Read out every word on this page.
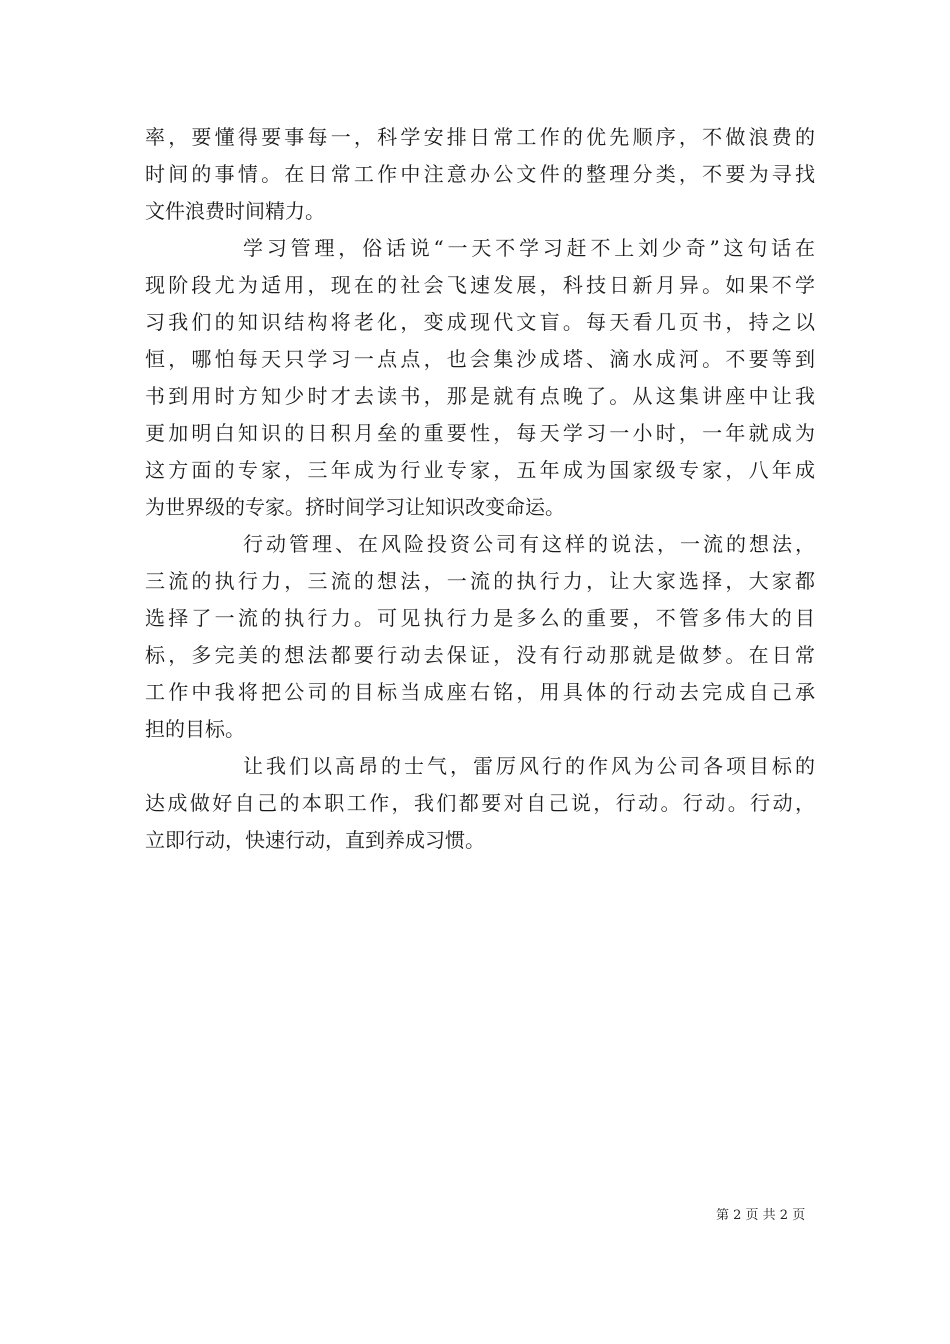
率，要懂得要事每一，科学安排日常工作的优先顺序，不做浪费的
时间的事情。在日常工作中注意办公文件的整理分类，不要为寻找
文件浪费时间精力。
学习管理，俗话说“一天不学习赶不上刘少奇”这句话在
现阶段尤为适用，现在的社会飞速发展，科技日新月异。如果不学
习我们的知识结构将老化，变成现代文盲。每天看几页书，持之以
恒，哪怕每天只学习一点点，也会集沙成塔、滴水成河。不要等到
书到用时方知少时才去读书，那是就有点晚了。从这集讲座中让我
更加明白知识的日积月垒的重要性，每天学习一小时，一年就成为
这方面的专家，三年成为行业专家，五年成为国家级专家，八年成
为世界级的专家。挤时间学习让知识改变命运。
行动管理、在风险投资公司有这样的说法，一流的想法，
三流的执行力，三流的想法，一流的执行力，让大家选择，大家都
选择了一流的执行力。可见执行力是多么的重要，不管多伟大的目
标，多完美的想法都要行动去保证，没有行动那就是做梦。在日常
工作中我将把公司的目标当成座右铭，用具体的行动去完成自己承
担的目标。
让我们以高昂的士气，雷厉风行的作风为公司各项目标的
达成做好自己的本职工作，我们都要对自己说，行动。行动。行动，
立即行动，快速行动，直到养成习惯。
第 2 页 共 2 页
